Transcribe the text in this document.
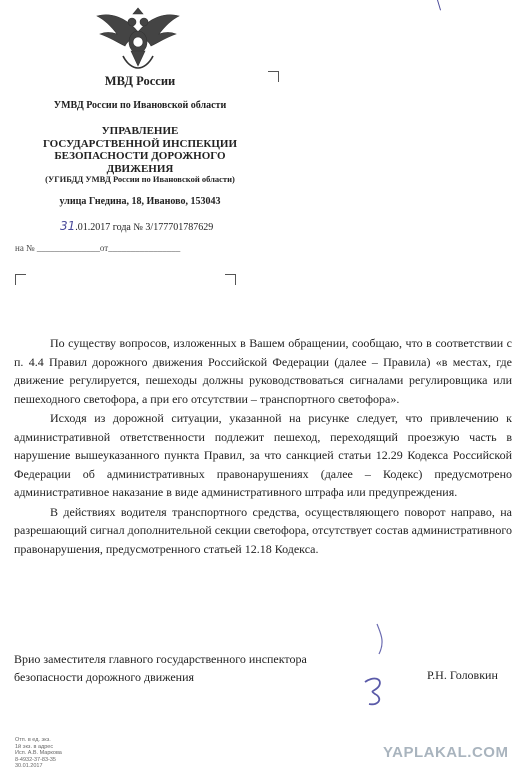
\
МВД России
УМВД России по Ивановской области
УПРАВЛЕНИЕ
ГОСУДАРСТВЕННОЙ ИНСПЕКЦИИ
БЕЗОПАСНОСТИ ДОРОЖНОГО
ДВИЖЕНИЯ
(УГИБДД УМВД России по Ивановской области)
улица Гнедина, 18, Иваново, 153043
31.01.2017 года № 3/177701787629
на № ______________от________________
По существу вопросов, изложенных в Вашем обращении, сообщаю, что в соответствии с п. 4.4 Правил дорожного движения Российской Федерации (далее – Правила) «в местах, где движение регулируется, пешеходы должны руководствоваться сигналами регулировщика или пешеходного светофора, а при его отсутствии – транспортного светофора».
Исходя из дорожной ситуации, указанной на рисунке следует, что привлечению к административной ответственности подлежит пешеход, переходящий проезжую часть в нарушение вышеуказанного пункта Правил, за что санкцией статьи 12.29 Кодекса Российской Федерации об административных правонарушениях (далее – Кодекс) предусмотрено административное наказание в виде административного штрафа или предупреждения.
В действиях водителя транспортного средства, осуществляющего поворот направо, на разрешающий сигнал дополнительной секции светофора, отсутствует состав административного правонарушения, предусмотренного статьей 12.18 Кодекса.
Врио заместителя главного государственного инспектора
безопасности дорожного движения	Р.Н. Головкин
Отп. в ед. экз.
1й экз. в адрес
Исп. А.В. Маркова
8-4932-37-83-35
30.01.2017
YAPLAKAL.COM
